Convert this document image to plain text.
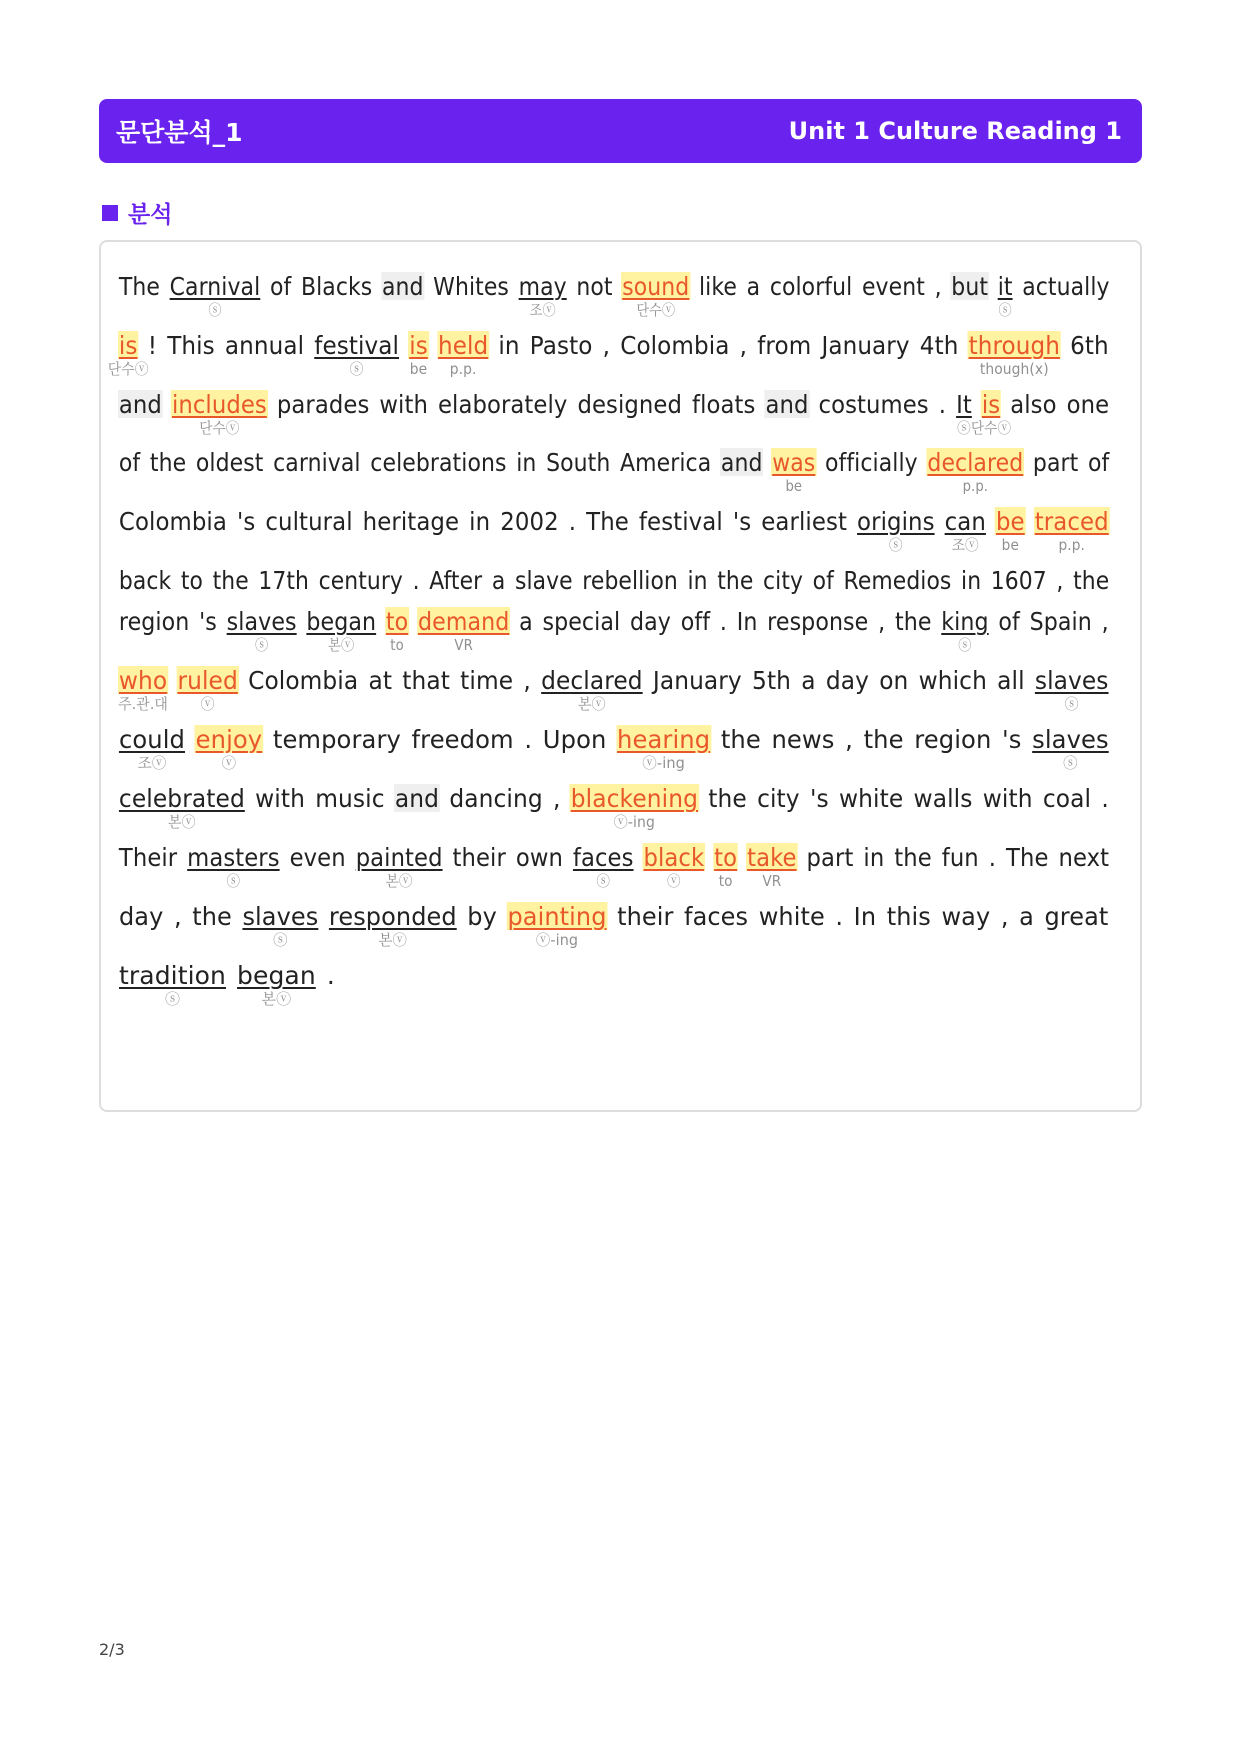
문단분석_1	Unit 1 Culture Reading 1
분석
The Carnival
ⓢ
of Blacks and Whites may
조ⓥ
not sound
단수ⓥ
like a colorful event , but it
ⓢ
actually
is
단수ⓥ
! This annual festival
ⓢ
is
be
held
p.p.
in Pasto , Colombia , from January 4th through
though(x)
6th
and includes
단수ⓥ
parades with elaborately designed floats and costumes . It
ⓢ
is
단수ⓥ
also one
of the oldest carnival celebrations in South America and was
be
officially declared
p.p.
part of
Colombia 's cultural heritage in 2002 . The festival 's earliest origins
ⓢ
can
조ⓥ
be
be
traced
p.p.
back to the 17th century . After a slave rebellion in the city of Remedios in 1607 , the
region 's slaves
ⓢ
began
본ⓥ
to
to
demand
VR
a special day off . In response , the king
ⓢ
of Spain ,
who
주.관.대
ruled
ⓥ
Colombia at that time , declared
본ⓥ
January 5th a day on which all slaves
ⓢ
could
조ⓥ
enjoy
ⓥ
temporary freedom . Upon hearing
ⓥ-ing
the news , the region 's slaves
ⓢ
celebrated
본ⓥ
with music and dancing , blackening
ⓥ-ing
the city 's white walls with coal .
Their masters
ⓢ
even painted
본ⓥ
their own faces
ⓢ
black
ⓥ
to
to
take
VR
part in the fun . The next
day , the slaves
ⓢ
responded
본ⓥ
by painting
ⓥ-ing
their faces white . In this way , a great
tradition
ⓢ
began
본ⓥ
.
2/3
